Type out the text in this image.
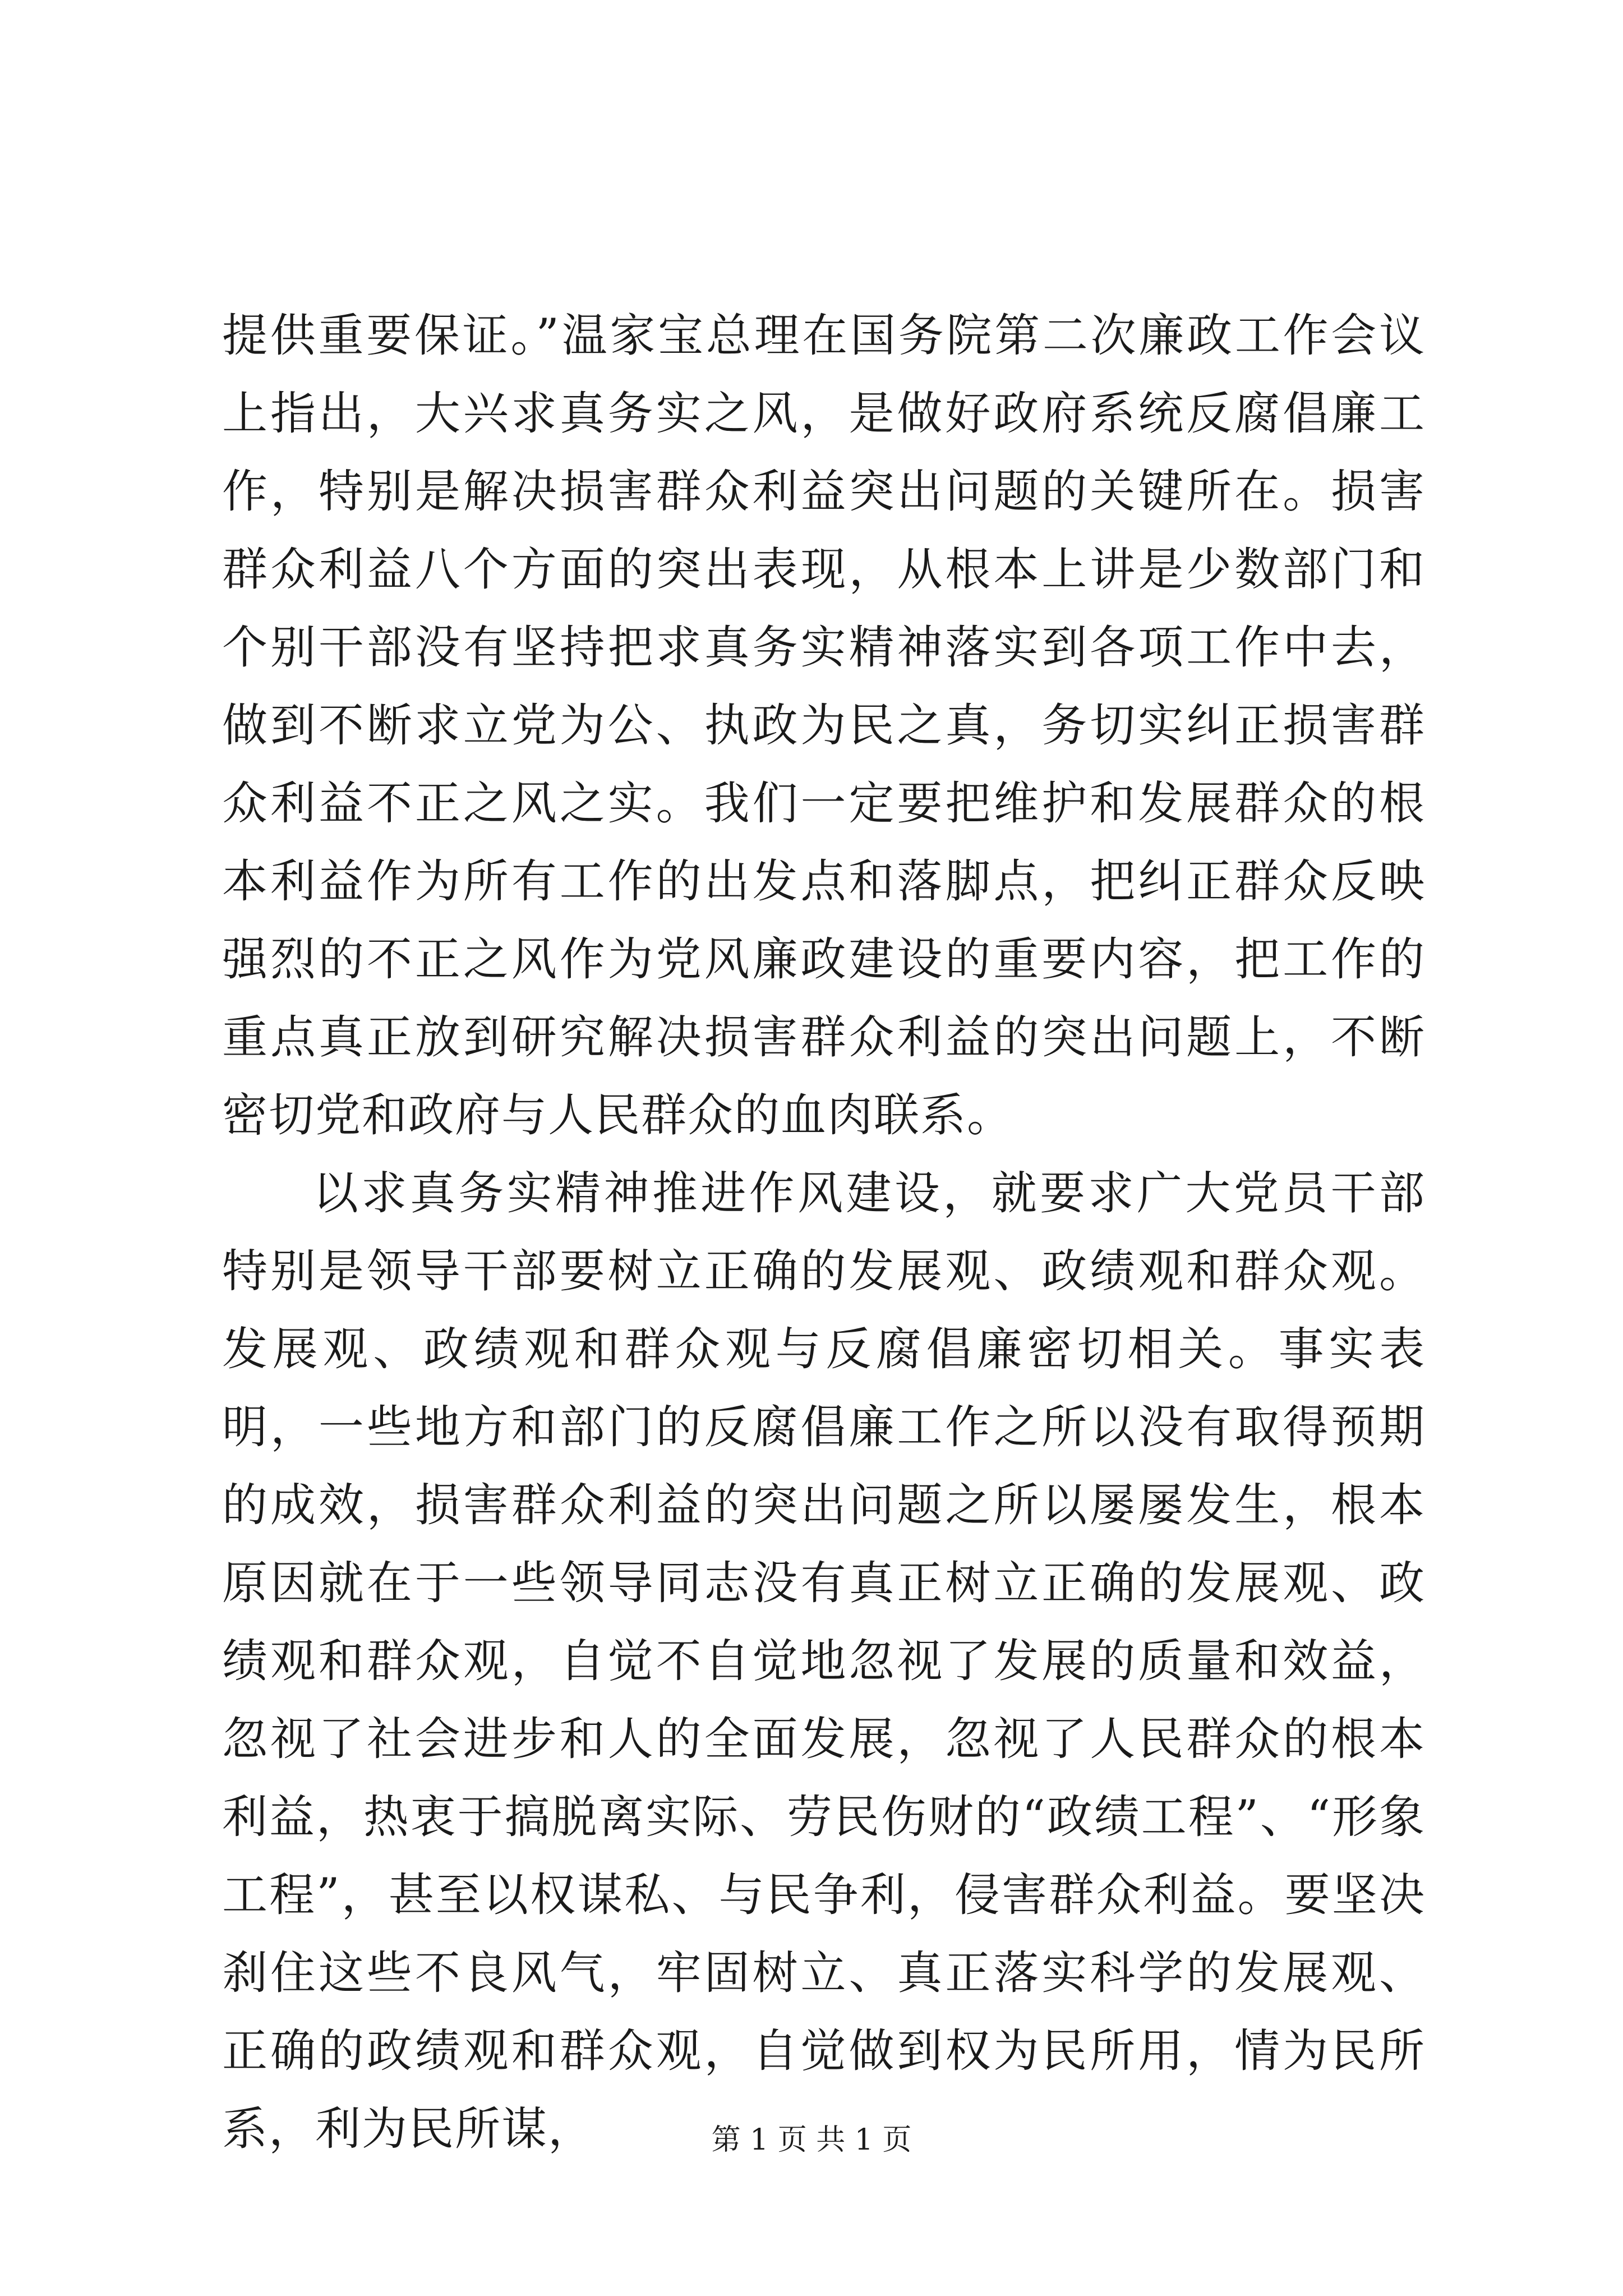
提供重要保证。”温家宝总理在国务院第二次廉政工作会议上指出，大兴求真务实之风，是做好政府系统反腐倡廉工作，特别是解决损害群众利益突出问题的关键所在。损害群众利益八个方面的突出表现，从根本上讲是少数部门和个别干部没有坚持把求真务实精神落实到各项工作中去，做到不断求立党为公、执政为民之真，务切实纠正损害群众利益不正之风之实。我们一定要把维护和发展群众的根本利益作为所有工作的出发点和落脚点，把纠正群众反映强烈的不正之风作为党风廉政建设的重要内容，把工作的重点真正放到研究解决损害群众利益的突出问题上，不断密切党和政府与人民群众的血肉联系。

以求真务实精神推进作风建设，就要求广大党员干部特别是领导干部要树立正确的发展观、政绩观和群众观。发展观、政绩观和群众观与反腐倡廉密切相关。事实表明，一些地方和部门的反腐倡廉工作之所以没有取得预期的成效，损害群众利益的突出问题之所以屡屡发生，根本原因就在于一些领导同志没有真正树立正确的发展观、政绩观和群众观，自觉不自觉地忽视了发展的质量和效益，忽视了社会进步和人的全面发展，忽视了人民群众的根本利益，热衷于搞脱离实际、劳民伤财的“政绩工程”、“形象工程”，甚至以权谋私、与民争利，侵害群众利益。要坚决刹住这些不良风气，牢固树立、真正落实科学的发展观、正确的政绩观和群众观，自觉做到权为民所用，情为民所系，利为民所谋，	第 1 页 共 1 页
